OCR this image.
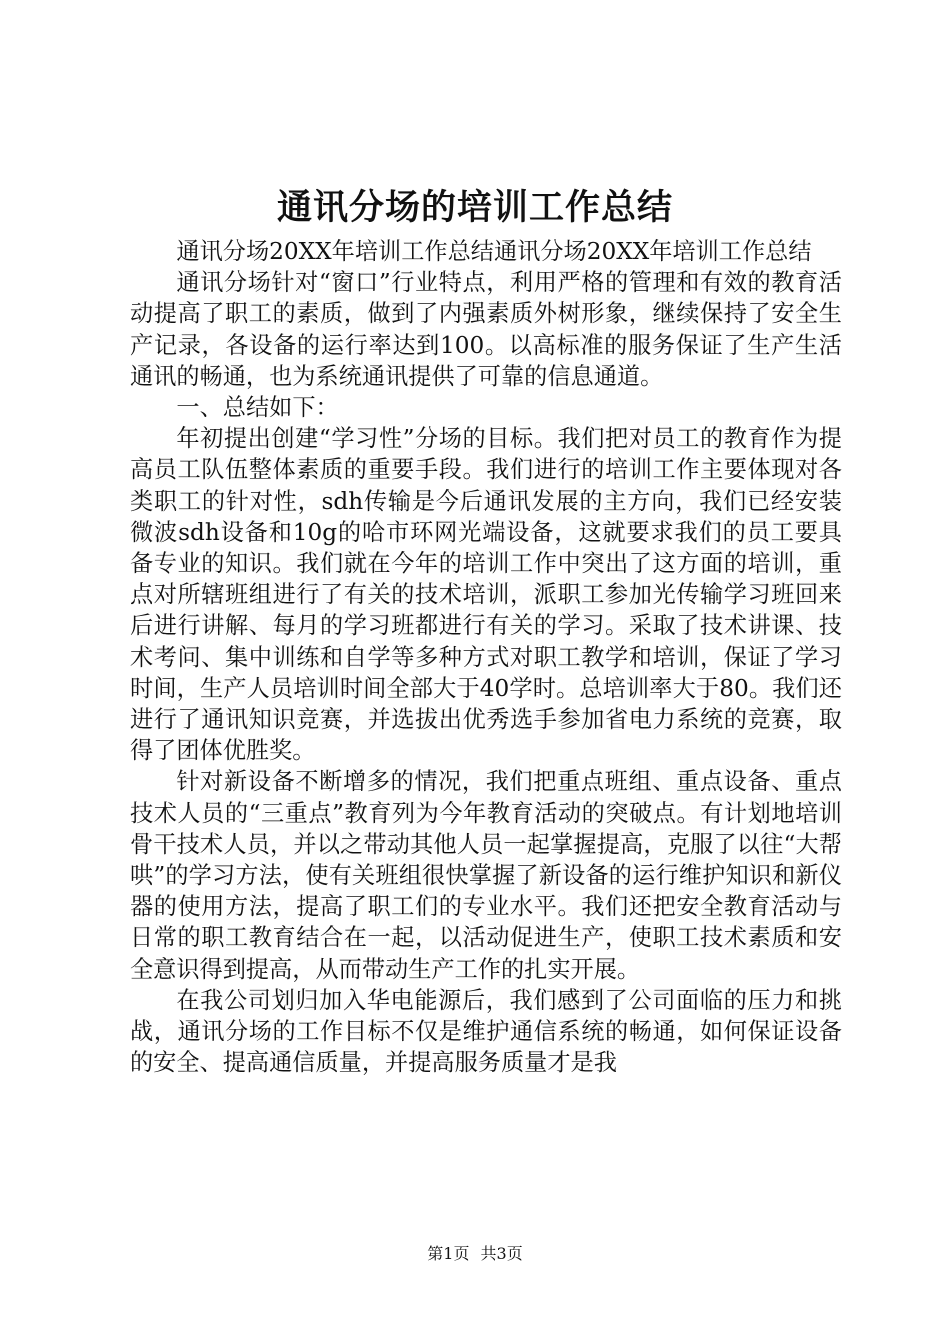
通讯分场的培训工作总结

通讯分场20XX年培训工作总结通讯分场20XX年培训工作总结

通讯分场针对“窗口”行业特点，利用严格的管理和有效的教育活动提高了职工的素质，做到了内强素质外树形象，继续保持了安全生产记录，各设备的运行率达到100。以高标准的服务保证了生产生活通讯的畅通，也为系统通讯提供了可靠的信息通道。

一、总结如下：

年初提出创建“学习性”分场的目标。我们把对员工的教育作为提高员工队伍整体素质的重要手段。我们进行的培训工作主要体现对各类职工的针对性，sdh传输是今后通讯发展的主方向，我们已经安装微波sdh设备和10g的哈市环网光端设备，这就要求我们的员工要具备专业的知识。我们就在今年的培训工作中突出了这方面的培训，重点对所辖班组进行了有关的技术培训，派职工参加光传输学习班回来后进行讲解、每月的学习班都进行有关的学习。采取了技术讲课、技术考问、集中训练和自学等多种方式对职工教学和培训，保证了学习时间，生产人员培训时间全部大于40学时。总培训率大于80。我们还进行了通讯知识竞赛，并选拔出优秀选手参加省电力系统的竞赛，取得了团体优胜奖。

针对新设备不断增多的情况，我们把重点班组、重点设备、重点技术人员的“三重点”教育列为今年教育活动的突破点。有计划地培训骨干技术人员，并以之带动其他人员一起掌握提高，克服了以往“大帮哄”的学习方法，使有关班组很快掌握了新设备的运行维护知识和新仪器的使用方法，提高了职工们的专业水平。我们还把安全教育活动与日常的职工教育结合在一起，以活动促进生产，使职工技术素质和安全意识得到提高，从而带动生产工作的扎实开展。

在我公司划归加入华电能源后，我们感到了公司面临的压力和挑战，通讯分场的工作目标不仅是维护通信系统的畅通，如何保证设备的安全、提高通信质量，并提高服务质量才是我

第1页 共3页
